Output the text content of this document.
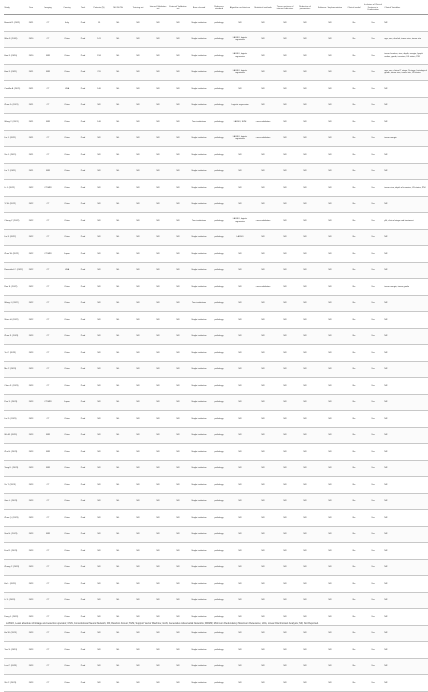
Study	Year	Imaging	Country	Task	Patients (N)	ML/DL/TA	Training set	Internal Validation set	External Validation set	Base classed	Reference standard	Algorithm architecture	Statistical methods	Tissue sections of interest Indicators	Reduction of parameters	Software / Implementation	Clinical model	Inclusion of Clinical Features in Combination	Clinical Variables
Bonetti R. (2021)	2021	CT	Italy	Pred	19	ML	NR	NR	NR	Single institution	pathology	NR	NR	NR	NR	NR	No	Yes	NR
Wan F. (2020)	2020	CT	China	Pred	141	ML	NR	NR	NR	Single institution	pathology	LASSO, logistic regression	NR	NR	NR	NR	No	Yes	age, sex, alcohol, tumor size, tumor site
Hao F. (2020)	2020	MRI	China	Pred	158	ML	NR	NR	NR	Single institution	pathology	LASSO, logistic regression	NR	NR	NR	NR	No	Yes	tumor location, size, depth, margin, lymph nodes, grade, invasion, LN status, PNI
Hao F. (2021)	2021	MRI	China	Pred	211	ML	NR	NR	NR	Single institution	pathology	LASSO, logistic regression	NR	NR	NR	NR	No	Yes	age, sex, clinical T stage, N stage, histological grade, tumor size, tumor site, LN status
Castillo A. (2021)	2021	CT	USA	Pred	146	ML	NR	NR	NR	Single institution	pathology	NR	NR	NR	NR	NR	No	Yes	NR
Zhao G. (2021)	2021	CT	China	Pred	NR	ML	NR	NR	NR	Single institution	pathology	Logistic regression	NR	NR	NR	NR	No	Yes	NR
Wang Y. (2021)	2021	MRI	China	Pred	146	ML	NR	NR	NR	Two institutions	pathology	LASSO, SVM	cross-validation	NR	NR	NR	No	Yes	NR
Liu J. (2021)	2021	CT	China	Pred	NR	ML	NR	NR	NR	Single institution	pathology	LASSO, logistic regression	cross-validation	NR	NR	NR	No	Yes	tumor margin
Xie J. (2021)	2021	CT	China	Pred	NR	ML	NR	NR	NR	Single institution	pathology	NR	NR	NR	NR	NR	No	Yes	NR
Lin Y. (2021)	2021	MRI	China	Pred	NR	ML	NR	NR	NR	Single institution	pathology	NR	NR	NR	NR	NR	No	Yes	NR
Li J. (2022)	2022	CT/MRI	China	Pred	NR	ML	NR	NR	NR	Single institution	pathology	NR	NR	NR	NR	NR	No	Yes	tumor size, depth of invasion, LN status, PNI
Yi W. (2022)	2022	CT	China	Pred	NR	ML	NR	NR	NR	Single institution	pathology	NR	NR	NR	NR	NR	No	Yes	NR
Cheng Y. (2022)	2022	CT	China	Pred	NR	ML	NR	NR	NR	Two institutions	pathology	LASSO, logistic regression	cross-validation	NR	NR	NR	No	Yes	pN, clinical stage and treatment
Liu F. (2022)	2022	CT	China	Pred	NR	ML	NR	NR	NR	Single institution	pathology	LASSO	NR	NR	NR	NR	No	Yes	NR
Zhou W. (2022)	2022	CT/MRI	Japan	Pred	NR	ML	NR	NR	NR	Single institution	pathology	NR	NR	NR	NR	NR	No	Yes	NR
Rosenthal C. (2022)	2022	CT	USA	Pred	NR	ML	NR	NR	NR	Single institution	pathology	NR	NR	NR	NR	NR	No	Yes	NR
Ren S. (2022)	2022	CT	China	Pred	NR	ML	NR	NR	NR	Single institution	pathology	NR	cross-validation	NR	NR	NR	No	Yes	tumor margin, tumor grade
Wang J. (2022)	2022	CT	China	Pred	NR	ML	NR	NR	NR	Two institutions	pathology	NR	NR	NR	NR	NR	No	Yes	NR
Shen H. (2022)	2022	CT	China	Pred	NR	ML	NR	NR	NR	Single institution	pathology	NR	NR	NR	NR	NR	No	Yes	NR
Zhao X. (2023)	2023	CT	China	Pred	NR	ML	NR	NR	NR	Single institution	pathology	NR	NR	NR	NR	NR	No	Yes	NR
Yu Z. (2023)	2023	CT	China	Pred	NR	ML	NR	NR	NR	Single institution	pathology	NR	NR	NR	NR	NR	No	Yes	NR
Ma Y. (2023)	2023	CT	China	Pred	NR	ML	NR	NR	NR	Single institution	pathology	NR	NR	NR	NR	NR	No	Yes	NR
Chen X. (2023)	2023	CT	China	Pred	NR	ML	NR	NR	NR	Single institution	pathology	NR	NR	NR	NR	NR	No	Yes	NR
Pan X. (2023)	2023	CT/MRI	Japan	Pred	NR	ML	NR	NR	NR	Single institution	pathology	NR	NR	NR	NR	NR	No	Yes	NR
Liu D. (2023)	2023	CT	China	Pred	NR	ML	NR	NR	NR	Single institution	pathology	NR	NR	NR	NR	NR	No	Yes	NR
Wu M. (2023)	2023	MRI	China	Pred	NR	ML	NR	NR	NR	Single institution	pathology	NR	NR	NR	NR	NR	No	Yes	NR
Zhu H. (2023)	2023	MRI	China	Pred	NR	ML	NR	NR	NR	Single institution	pathology	NR	NR	NR	NR	NR	No	Yes	NR
Yang K. (2023)	2023	MRI	China	Pred	NR	ML	NR	NR	NR	Single institution	pathology	NR	NR	NR	NR	NR	No	Yes	NR
Xu T. (2023)	2023	CT	China	Pred	NR	ML	NR	NR	NR	Single institution	pathology	NR	NR	NR	NR	NR	No	Yes	NR
Gao L. (2023)	2023	CT	China	Pred	NR	ML	NR	NR	NR	Single institution	pathology	NR	NR	NR	NR	NR	No	Yes	NR
Zhou Q. (2023)	2023	CT	China	Pred	NR	ML	NR	NR	NR	Single institution	pathology	NR	NR	NR	NR	NR	No	Yes	NR
Sun H. (2023)	2023	MRI	China	Pred	NR	ML	NR	NR	NR	Single institution	pathology	NR	NR	NR	NR	NR	No	Yes	NR
Fan R. (2023)	2023	CT	China	Pred	NR	ML	NR	NR	NR	Single institution	pathology	NR	NR	NR	NR	NR	No	Yes	NR
Zhang Y. (2023)	2023	CT	China	Pred	NR	ML	NR	NR	NR	Single institution	pathology	NR	NR	NR	NR	NR	No	Yes	NR
Hu L. (2023)	2023	CT	China	Pred	NR	ML	NR	NR	NR	Single institution	pathology	NR	NR	NR	NR	NR	No	Yes	NR
Li X. (2023)	2023	CT	China	Pred	NR	ML	NR	NR	NR	Single institution	pathology	NR	NR	NR	NR	NR	No	Yes	NR
Deng J. (2023)	2023	CT	China	Pred	NR	ML	NR	NR	NR	Single institution	pathology	NR	NR	NR	NR	NR	No	Yes	NR
He W. (2023)	2023	CT	China	Pred	NR	ML	NR	NR	NR	Single institution	pathology	NR	NR	NR	NR	NR	No	Yes	NR
Yan S. (2023)	2023	CT	China	Pred	NR	ML	NR	NR	NR	Single institution	pathology	NR	NR	NR	NR	NR	No	Yes	NR
Luo Z. (2023)	2023	CT	China	Pred	NR	ML	NR	NR	NR	Single institution	pathology	NR	NR	NR	NR	NR	No	Yes	NR
Shi Y. (2023)	2023	CT	China	Pred	NR	ML	NR	NR	NR	Single institution	pathology	NR	NR	NR	NR	NR	No	Yes	NR
LASSO, Least absolute shrinkage and selection operator; CNN, Convolutional Neural Network; RF, Random Forest; SVM, Support Vector Machine; GAN, Generative Adversarial Networks; MRMR, Minimum Redundancy Maximum Relevance; LDA, Linear Discriminant Analysis; NR, Not Reported.
